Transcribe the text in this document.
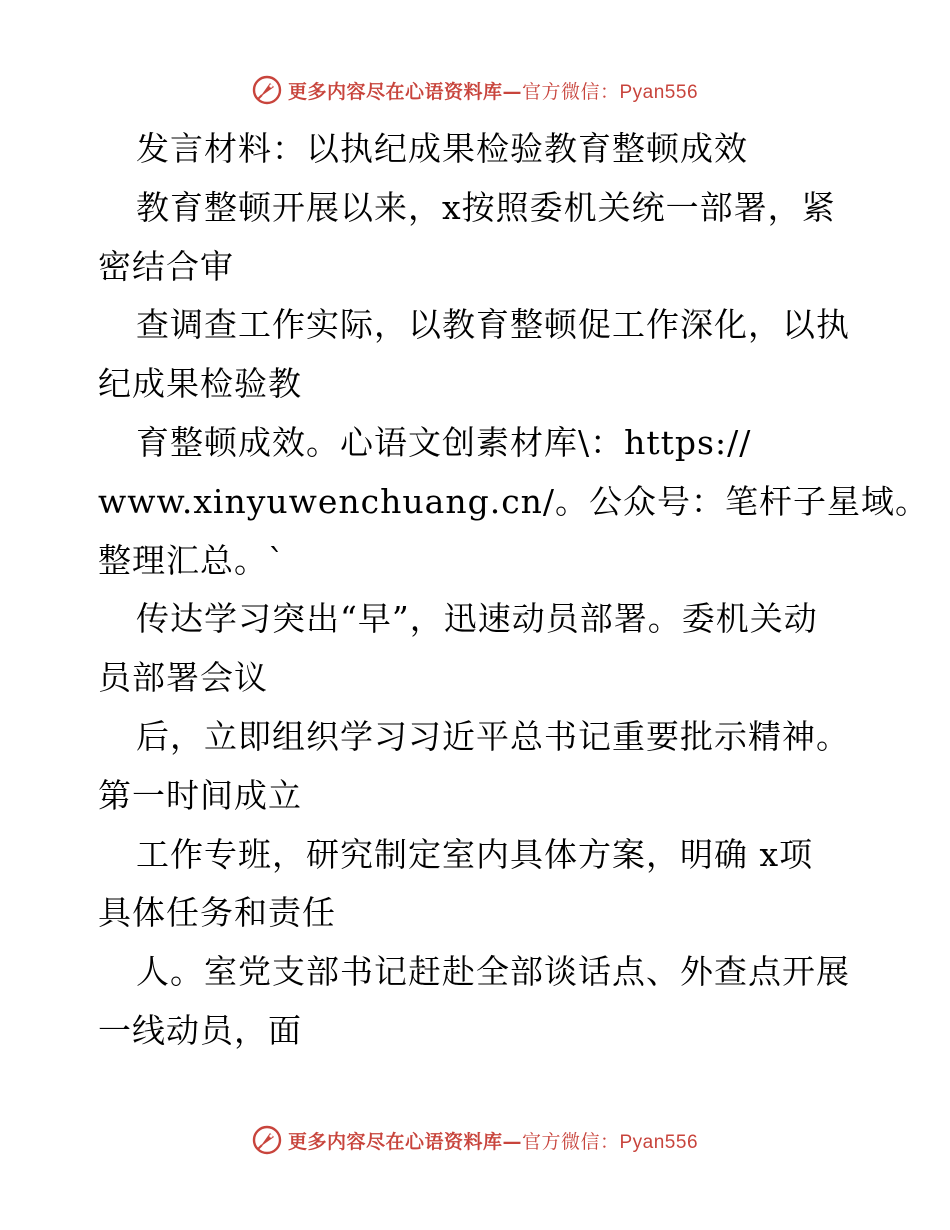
更多内容尽在心语资料库—官方微信：Pyan556
发言材料：以执纪成果检验教育整顿成效
教育整顿开展以来，x按照委机关统一部署，紧
密结合审
查调查工作实际，以教育整顿促工作深化，以执
纪成果检验教
育整顿成效。心语文创素材库\：https://
www.xinyuwenchuang.cn/。公众号：笔杆子星域。
整理汇总。`
传达学习突出“早”，迅速动员部署。委机关动
员部署会议
后，立即组织学习习近平总书记重要批示精神。
第一时间成立
工作专班，研究制定室内具体方案，明确 x项
具体任务和责任
人。室党支部书记赶赴全部谈话点、外查点开展
一线动员，面
更多内容尽在心语资料库—官方微信：Pyan556
